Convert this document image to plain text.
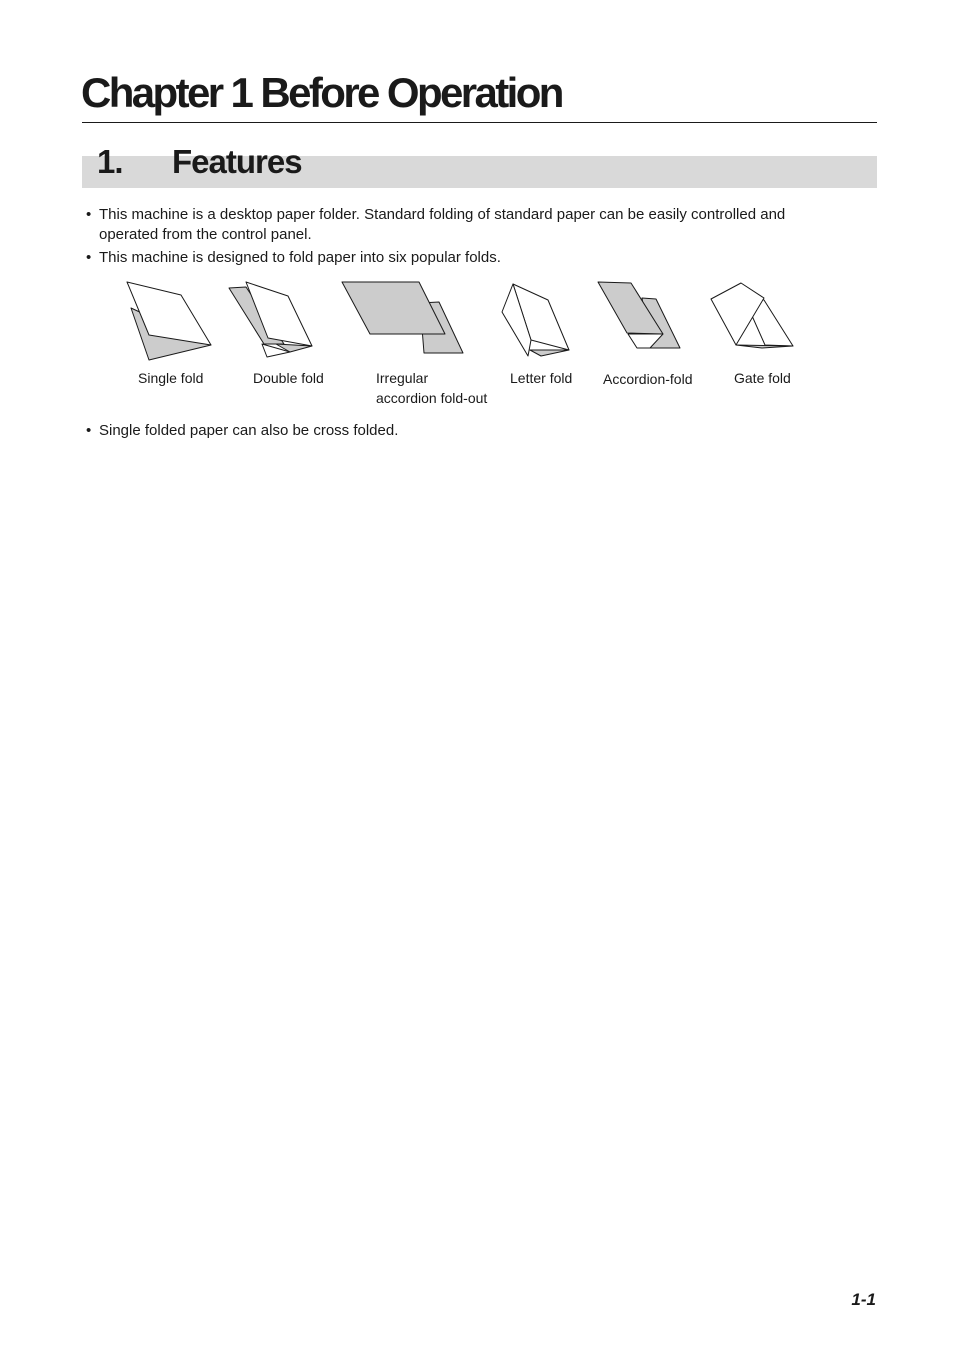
Chapter 1 Before Operation
1. Features
• This machine is a desktop paper folder. Standard folding of standard paper can be easily controlled and
operated from the control panel.
• This machine is designed to fold paper into six popular folds.
Single fold	Double fold	Irregular
accordion fold-out
Letter fold Accordion-fold	Gate fold
• Single folded paper can also be cross folded.
1-1
